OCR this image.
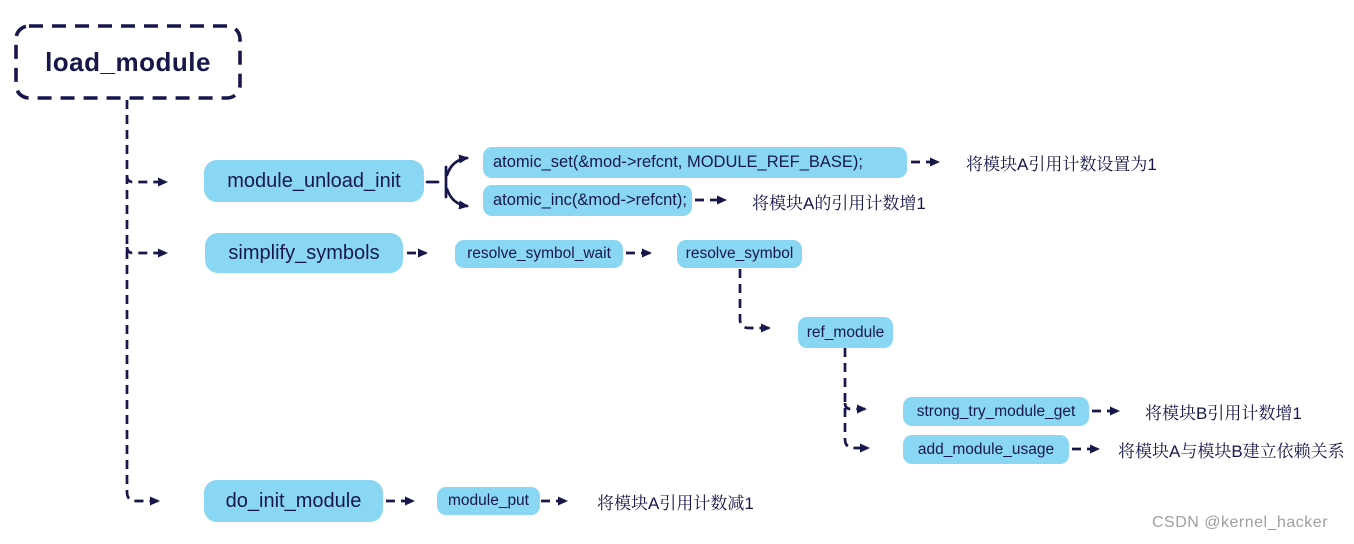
load_module
module_unload_init
atomic_set(&mod->refcnt, MODULE_REF_BASE);	将模块A引用计数设置为1
atomic_inc(&mod->refcnt);	将模块A的引用计数增1
simplify_symbols	resolve_symbol_wait	resolve_symbol
ref_module
strong_try_module_get	将模块B引用计数增1
add_module_usage	将模块A与模块B建立依赖关系
do_init_module	module_put	将模块A引用计数减1
CSDN @kernel_hacker
